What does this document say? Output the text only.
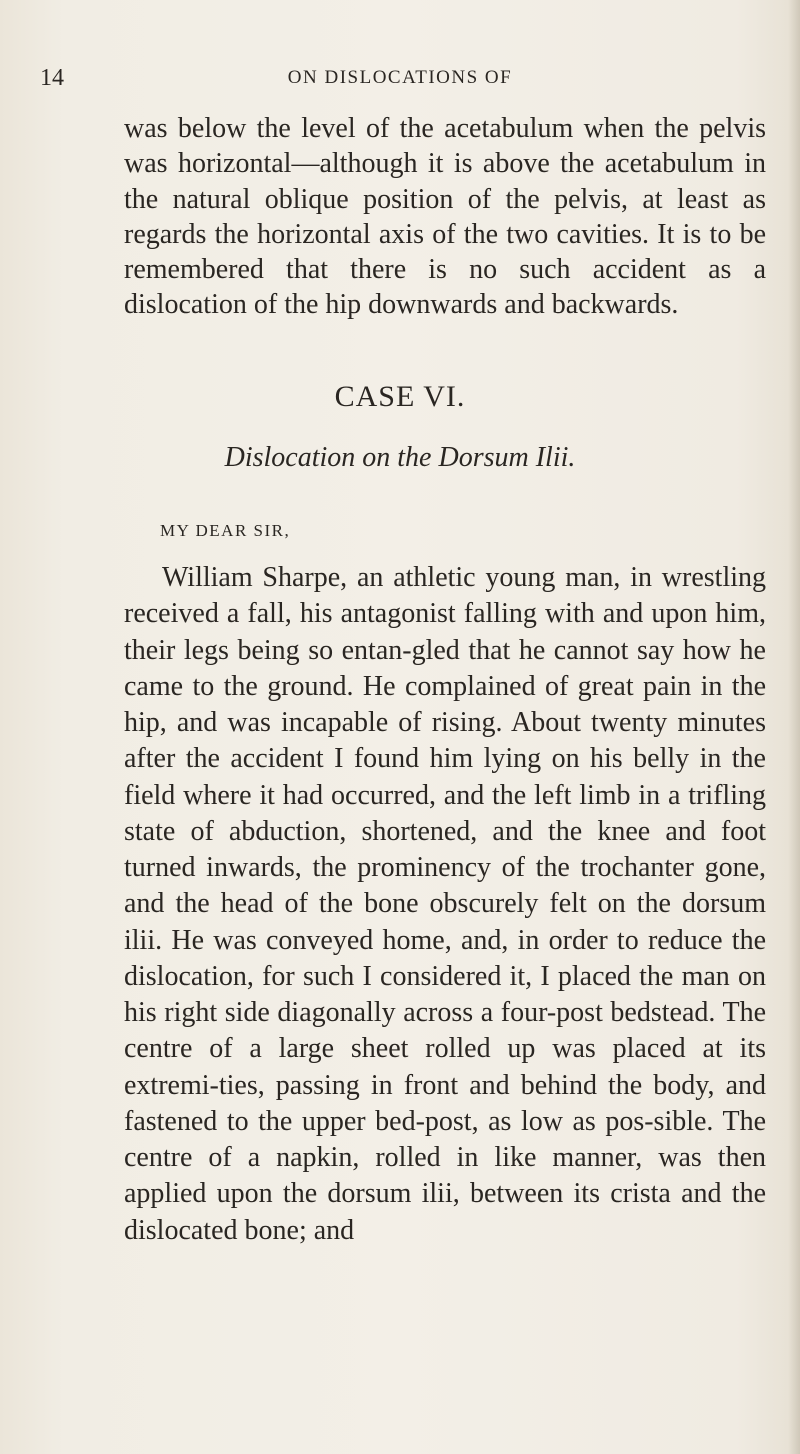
14	ON DISLOCATIONS OF

was below the level of the acetabulum when the pelvis was horizontal—although it is above the acetabulum in the natural oblique position of the pelvis, at least as regards the horizontal axis of the two cavities. It is to be remembered that there is no such accident as a dislocation of the hip downwards and backwards.

CASE VI.

Dislocation on the Dorsum Ilii.

MY DEAR SIR,

William Sharpe, an athletic young man, in wrestling received a fall, his antagonist falling with and upon him, their legs being so entan-gled that he cannot say how he came to the ground. He complained of great pain in the hip, and was incapable of rising. About twenty minutes after the accident I found him lying on his belly in the field where it had occurred, and the left limb in a trifling state of abduction, shortened, and the knee and foot turned inwards, the prominency of the trochanter gone, and the head of the bone obscurely felt on the dorsum ilii. He was conveyed home, and, in order to reduce the dislocation, for such I considered it, I placed the man on his right side diagonally across a four-post bedstead. The centre of a large sheet rolled up was placed at its extremi-ties, passing in front and behind the body, and fastened to the upper bed-post, as low as pos-sible. The centre of a napkin, rolled in like manner, was then applied upon the dorsum ilii, between its crista and the dislocated bone; and
